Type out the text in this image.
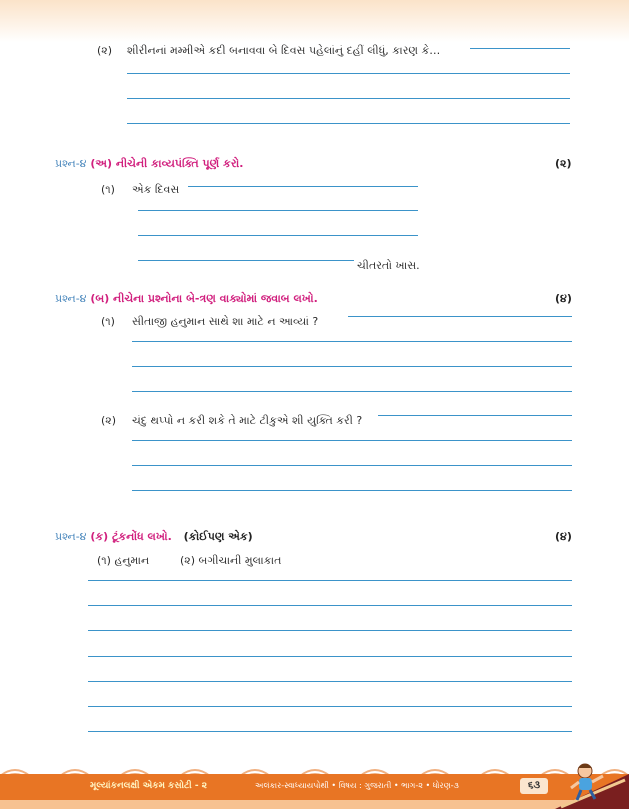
(૨) શીરીનનાં મમ્મીએ કદી બનાવવા બે દિવસ પહેલાંનું દહીં લીધું, કારણ કે…
પ્રશ્ન-૪ (અ) નીચેની કાવ્યપંક્તિ પૂર્ણ કરો.	(૨)
(૧) એક દિવસ
ચીતરતો ખાસ.
પ્રશ્ન-૪ (બ) નીચેના પ્રશ્નોના બે-ત્રણ વાક્યોમાં જવાબ લખો.	(૪)
(૧) સીતાજી હનુમાન સાથે શા માટે ન આવ્યાં ?
(૨) ચંદુ થપ્પો ન કરી શકે તે માટે ટીકુએ શી યુક્તિ કરી ?
પ્રશ્ન-૪ (ક) ટૂંકનોંધ લખો. (કોઈપણ એક)	(૪)
(૧) હનુમાન	(૨) બગીચાની મુલાકાત
મૂલ્યાંકનલક્ષી એકમ કસોટી - ૨	અલંકાર-સ્વાધ્યાયપોથી • વિષય : ગુજરાતી • ભાગ-૨ • ધોરણ-૩	૬૩
